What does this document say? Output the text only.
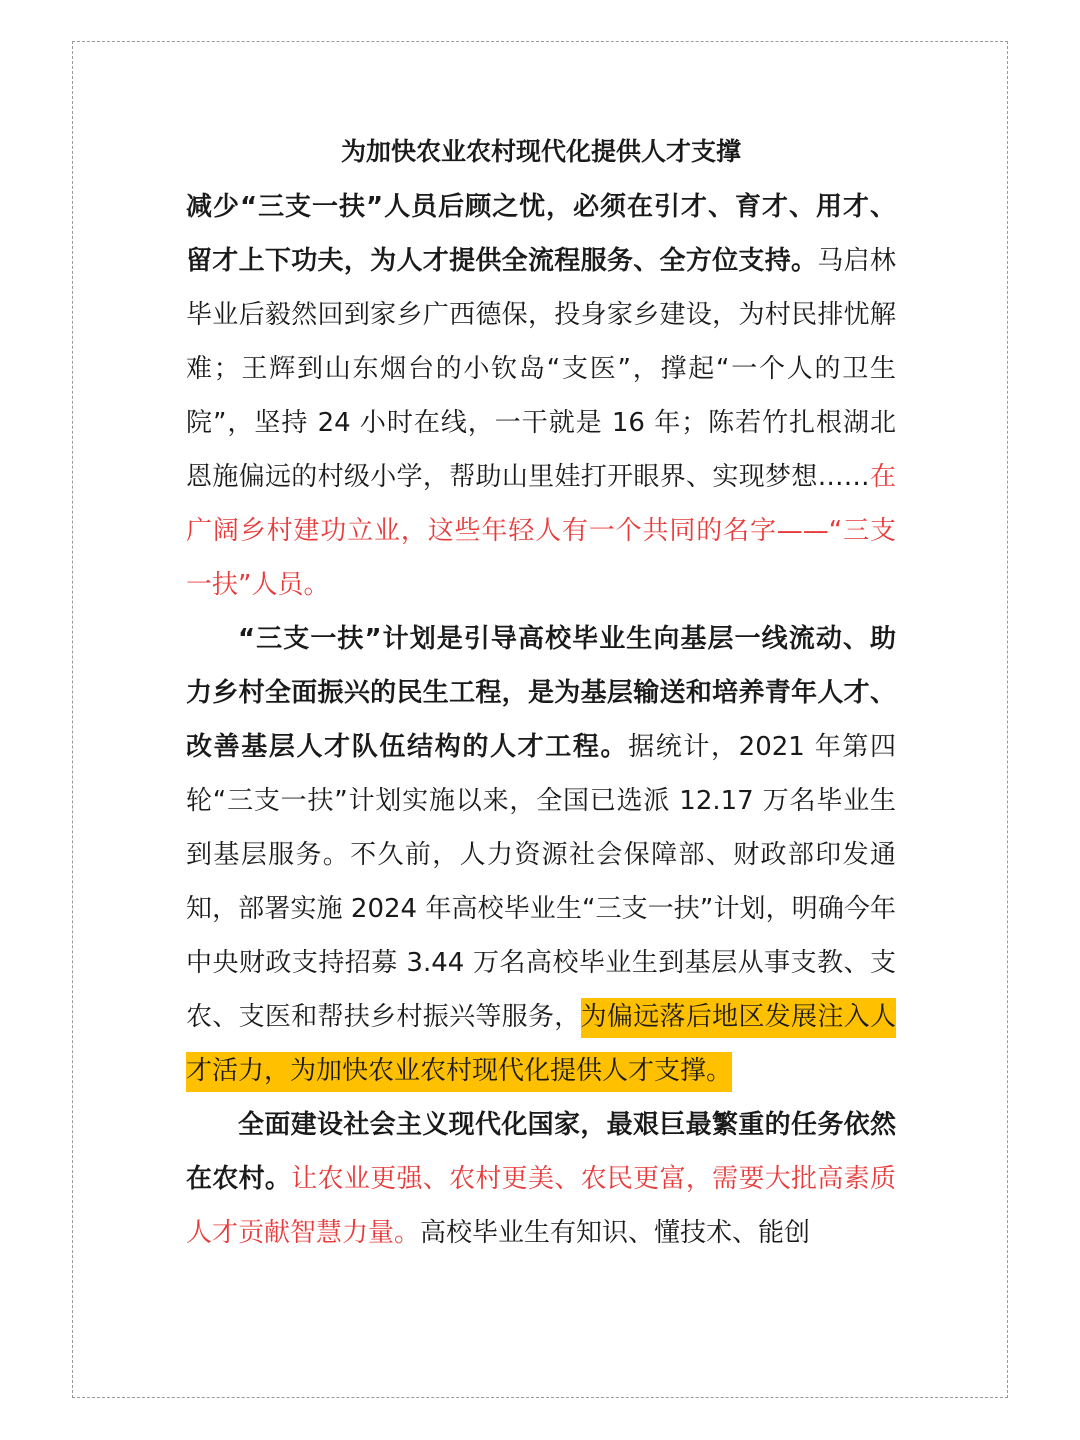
为加快农业农村现代化提供人才支撑

减少“三支一扶”人员后顾之忧，必须在引才、育才、用才、留才上下功夫，为人才提供全流程服务、全方位支持。马启林毕业后毅然回到家乡广西德保，投身家乡建设，为村民排忧解难；王辉到山东烟台的小钦岛“支医”，撑起“一个人的卫生院”，坚持 24 小时在线，一干就是 16 年；陈若竹扎根湖北恩施偏远的村级小学，帮助山里娃打开眼界、实现梦想……在广阔乡村建功立业，这些年轻人有一个共同的名字——“三支一扶”人员。

“三支一扶”计划是引导高校毕业生向基层一线流动、助力乡村全面振兴的民生工程，是为基层输送和培养青年人才、改善基层人才队伍结构的人才工程。据统计，2021 年第四轮“三支一扶”计划实施以来，全国已选派 12.17 万名毕业生到基层服务。不久前，人力资源社会保障部、财政部印发通知，部署实施 2024 年高校毕业生“三支一扶”计划，明确今年中央财政支持招募 3.44 万名高校毕业生到基层从事支教、支农、支医和帮扶乡村振兴等服务，为偏远落后地区发展注入人才活力，为加快农业农村现代化提供人才支撑。

全面建设社会主义现代化国家，最艰巨最繁重的任务依然在农村。让农业更强、农村更美、农民更富，需要大批高素质人才贡献智慧力量。高校毕业生有知识、懂技术、能创
